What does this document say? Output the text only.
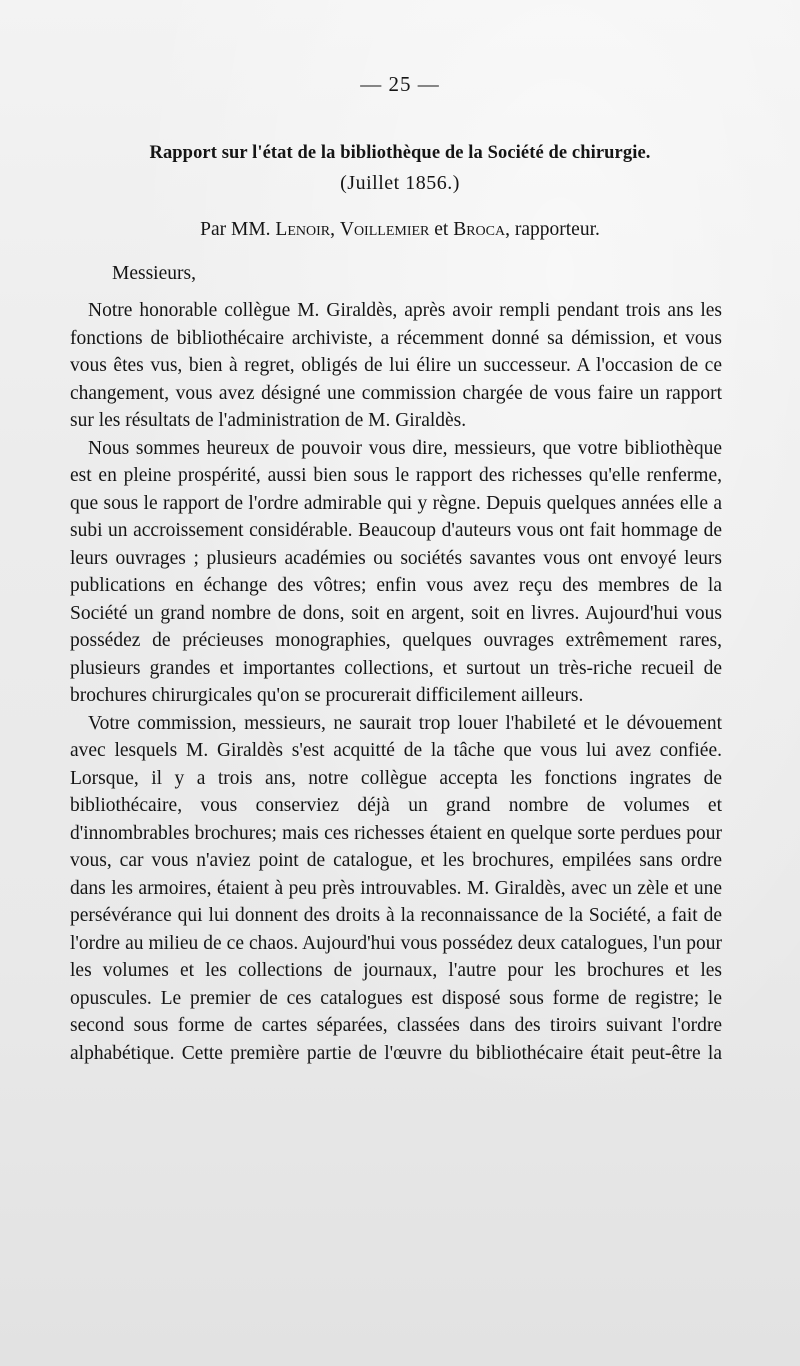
— 25 —
Rapport sur l'état de la bibliothèque de la Société de chirurgie.
(Juillet 1856.)
Par MM. Lenoir, Voillemier et Broca, rapporteur.
Messieurs,

Notre honorable collègue M. Giraldès, après avoir rempli pendant trois ans les fonctions de bibliothécaire archiviste, a récemment donné sa démission, et vous vous êtes vus, bien à regret, obligés de lui élire un successeur. A l'occasion de ce changement, vous avez désigné une commission chargée de vous faire un rapport sur les résultats de l'administration de M. Giraldès.

Nous sommes heureux de pouvoir vous dire, messieurs, que votre bibliothèque est en pleine prospérité, aussi bien sous le rapport des richesses qu'elle renferme, que sous le rapport de l'ordre admirable qui y règne. Depuis quelques années elle a subi un accroissement considérable. Beaucoup d'auteurs vous ont fait hommage de leurs ouvrages ; plusieurs académies ou sociétés savantes vous ont envoyé leurs publications en échange des vôtres; enfin vous avez reçu des membres de la Société un grand nombre de dons, soit en argent, soit en livres. Aujourd'hui vous possédez de précieuses monographies, quelques ouvrages extrêmement rares, plusieurs grandes et importantes collections, et surtout un très-riche recueil de brochures chirurgicales qu'on se procurerait difficilement ailleurs.

Votre commission, messieurs, ne saurait trop louer l'habileté et le dévouement avec lesquels M. Giraldès s'est acquitté de la tâche que vous lui avez confiée. Lorsque, il y a trois ans, notre collègue accepta les fonctions ingrates de bibliothécaire, vous conserviez déjà un grand nombre de volumes et d'innombrables brochures; mais ces richesses étaient en quelque sorte perdues pour vous, car vous n'aviez point de catalogue, et les brochures, empilées sans ordre dans les armoires, étaient à peu près introuvables. M. Giraldès, avec un zèle et une persévérance qui lui donnent des droits à la reconnaissance de la Société, a fait de l'ordre au milieu de ce chaos. Aujourd'hui vous possédez deux catalogues, l'un pour les volumes et les collections de journaux, l'autre pour les brochures et les opuscules. Le premier de ces catalogues est disposé sous forme de registre; le second sous forme de cartes séparées, classées dans des tiroirs suivant l'ordre alphabétique. Cette première partie de l'œuvre du bibliothécaire était peut-être la
